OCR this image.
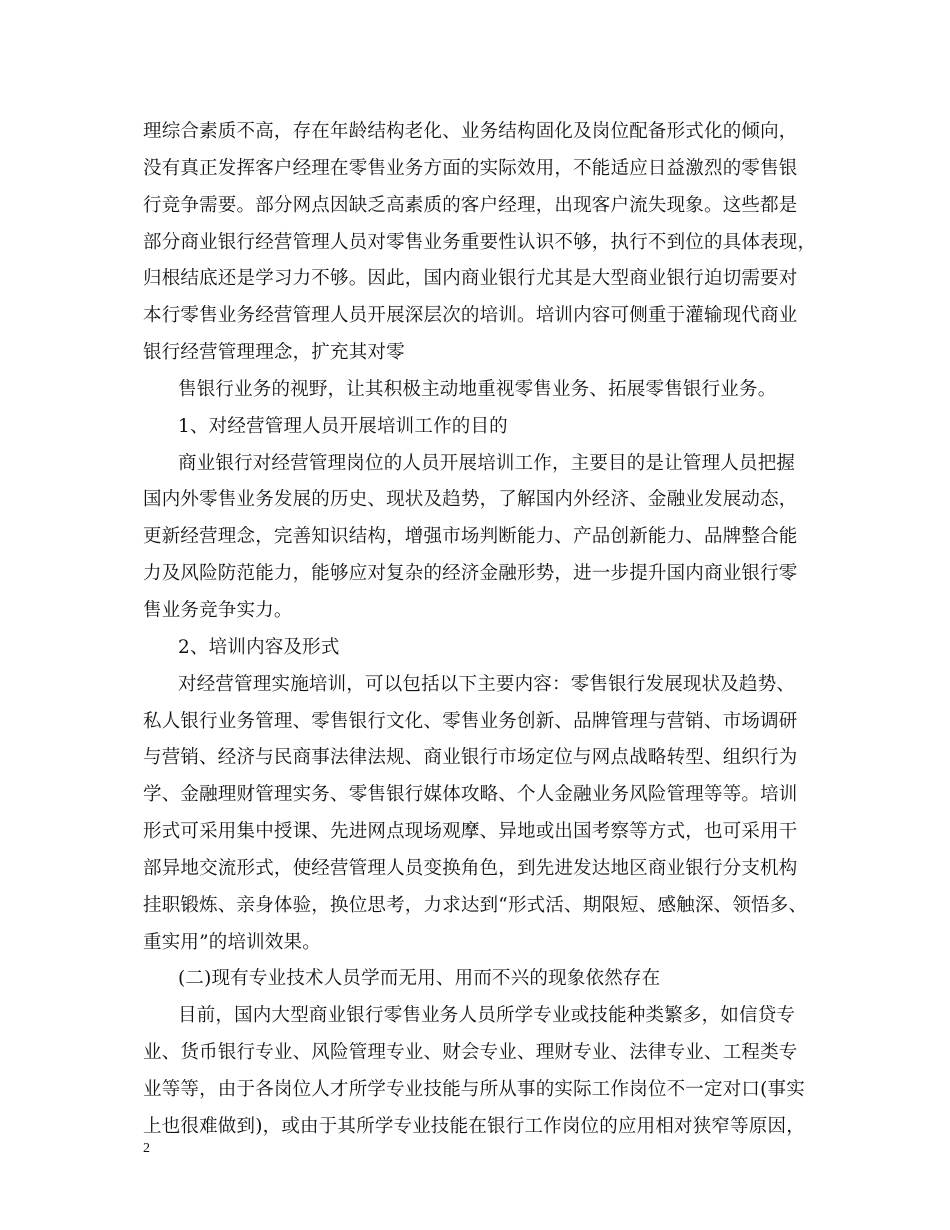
理综合素质不高，存在年龄结构老化、业务结构固化及岗位配备形式化的倾向，
没有真正发挥客户经理在零售业务方面的实际效用，不能适应日益激烈的零售银
行竞争需要。部分网点因缺乏高素质的客户经理，出现客户流失现象。这些都是
部分商业银行经营管理人员对零售业务重要性认识不够，执行不到位的具体表现，
归根结底还是学习力不够。因此，国内商业银行尤其是大型商业银行迫切需要对
本行零售业务经营管理人员开展深层次的培训。培训内容可侧重于灌输现代商业
银行经营管理理念，扩充其对零
售银行业务的视野，让其积极主动地重视零售业务、拓展零售银行业务。
1、对经营管理人员开展培训工作的目的
商业银行对经营管理岗位的人员开展培训工作，主要目的是让管理人员把握
国内外零售业务发展的历史、现状及趋势，了解国内外经济、金融业发展动态，
更新经营理念，完善知识结构，增强市场判断能力、产品创新能力、品牌整合能
力及风险防范能力，能够应对复杂的经济金融形势，进一步提升国内商业银行零
售业务竞争实力。
2、培训内容及形式
对经营管理实施培训，可以包括以下主要内容：零售银行发展现状及趋势、
私人银行业务管理、零售银行文化、零售业务创新、品牌管理与营销、市场调研
与营销、经济与民商事法律法规、商业银行市场定位与网点战略转型、组织行为
学、金融理财管理实务、零售银行媒体攻略、个人金融业务风险管理等等。培训
形式可采用集中授课、先进网点现场观摩、异地或出国考察等方式，也可采用干
部异地交流形式，使经营管理人员变换角色，到先进发达地区商业银行分支机构
挂职锻炼、亲身体验，换位思考，力求达到“形式活、期限短、感触深、领悟多、
重实用”的培训效果。
(二)现有专业技术人员学而无用、用而不兴的现象依然存在
目前，国内大型商业银行零售业务人员所学专业或技能种类繁多，如信贷专
业、货币银行专业、风险管理专业、财会专业、理财专业、法律专业、工程类专
业等等，由于各岗位人才所学专业技能与所从事的实际工作岗位不一定对口(事实
上也很难做到)，或由于其所学专业技能在银行工作岗位的应用相对狭窄等原因，
2
